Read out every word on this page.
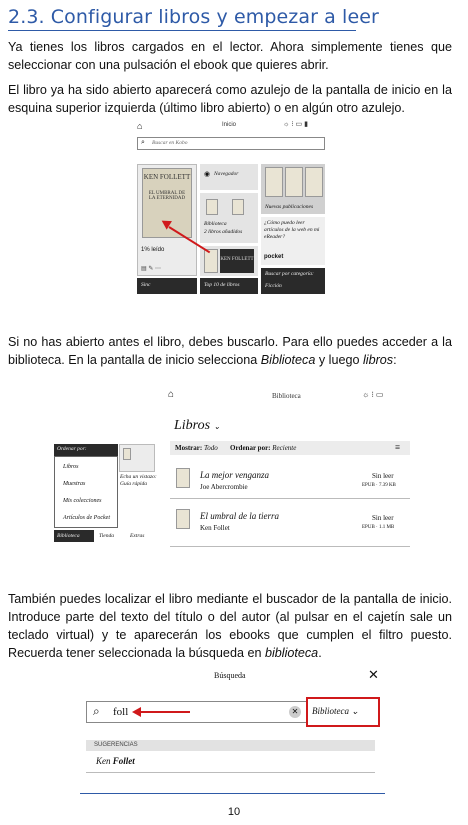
2.3. Configurar libros y empezar a leer
Ya tienes los libros cargados en el lector. Ahora simplemente tienes que seleccionar con una pulsación el ebook que quieres abrir.
El libro ya ha sido abierto aparecerá como azulejo de la pantalla de inicio en la esquina superior izquierda (último libro abierto) o en algún otro azulejo.
⌂	Inicio	☼ ⁝ ▭ ▮
⌕ Buscar en Kobo
KEN FOLLETT
EL UMBRAL DE LA ETERNIDAD
1% leído
▤ ✎ ⋯
Sinc
◉ Navegador
Biblioteca
2 libros añadidos
KEN FOLLETT
Top 10 de libros
Nuevas publicaciones
¿Cómo puedo leer artículos de la web en mi eReader?
pocket
Buscar por categoría:
Ficción
Si no has abierto antes el libro, debes buscarlo. Para ello puedes acceder a la biblioteca. En la pantalla de inicio selecciona Biblioteca y luego libros:
⌂	Biblioteca	☼ ⁝ ▭
Libros ⌄
Mostrar: Todo Ordenar por: Reciente	≡
La mejor venganza
Joe Abercrombie
Sin leer
EPUB · 7.39 KB
El umbral de la tierra
Ken Follet
Sin leer
EPUB · 1.1 MB
Echa un vistazo: Guía rápida
Ordenar por:
Libros
Muestras
Mis colecciones
Artículos de Pocket
Biblioteca	Tienda	Extras
También puedes localizar el libro mediante el buscador de la pantalla de inicio. Introduce parte del texto del título o del autor (al pulsar en el cajetín sale un teclado virtual) y te aparecerán los ebooks que cumplen el filtro puesto. Recuerda tener seleccionada la búsqueda en biblioteca.
Búsqueda	✕
⌕ foll	✕ Biblioteca ⌄
SUGERENCIAS
Ken Follet
10
